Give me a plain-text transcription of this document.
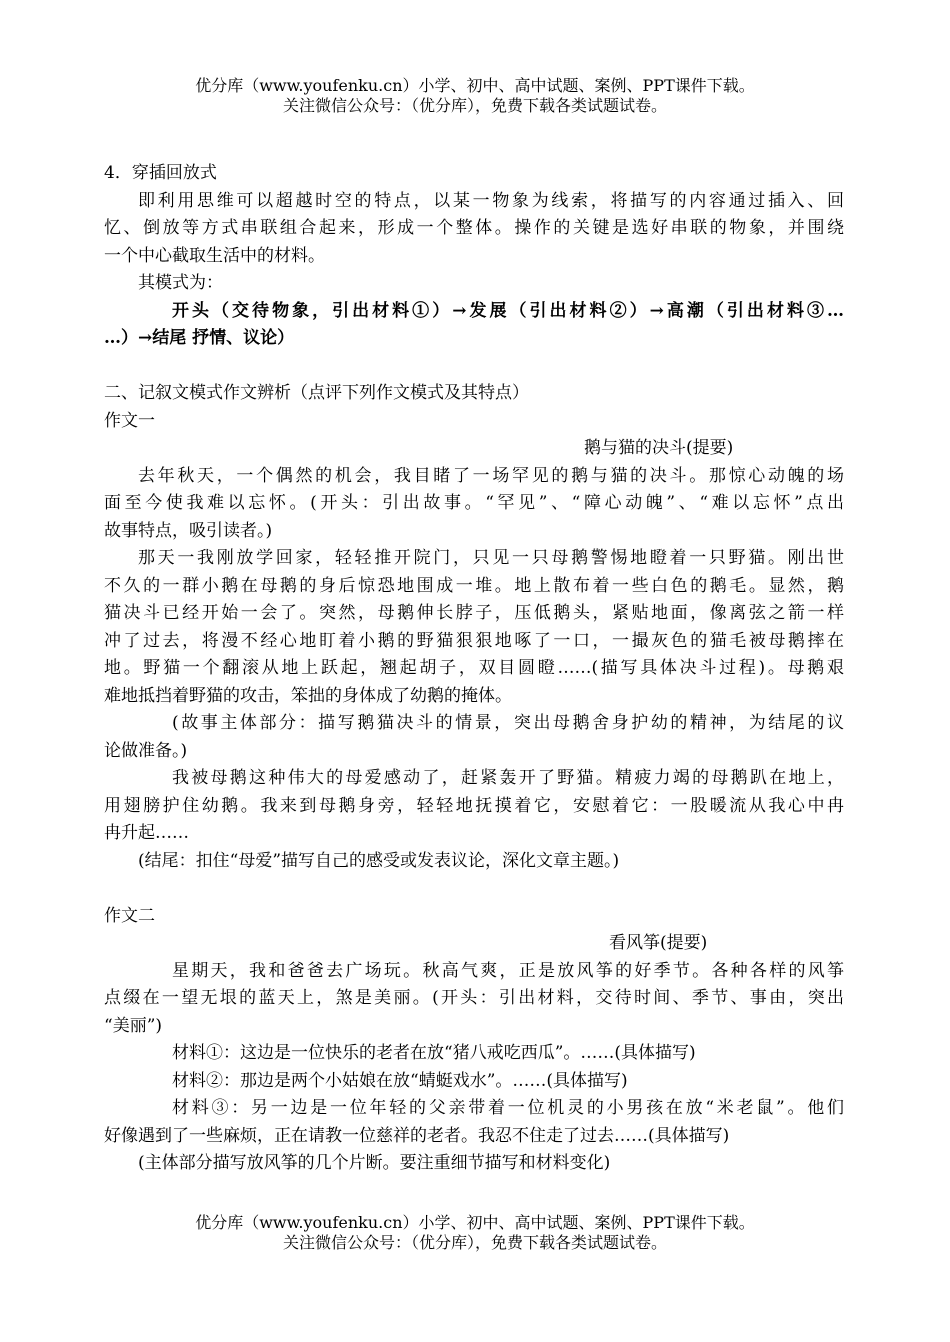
优分库（www.youfenku.cn）小学、初中、高中试题、案例、PPT课件下载。
关注微信公众号：（优分库），免费下载各类试题试卷。
4．穿插回放式
即利用思维可以超越时空的特点，以某一物象为线索，将描写的内容通过插入、回
忆、倒放等方式串联组合起来，形成一个整体。操作的关键是选好串联的物象，并围绕
一个中心截取生活中的材料。
其模式为：
开头（交待物象，引出材料①）→发展（引出材料②）→高潮（引出材料③…
…）→结尾 抒情、议论）
二、记叙文模式作文辨析（点评下列作文模式及其特点）
作文一
鹅与猫的决斗(提要)
去年秋天，一个偶然的机会，我目睹了一场罕见的鹅与猫的决斗。那惊心动魄的场
面至今使我难以忘怀。(开头：引出故事。“罕见”、“障心动魄”、“难以忘怀”点出
故事特点，吸引读者。)
那天一我刚放学回家，轻轻推开院门，只见一只母鹅警惕地瞪着一只野猫。刚出世
不久的一群小鹅在母鹅的身后惊恐地围成一堆。地上散布着一些白色的鹅毛。显然，鹅
猫决斗已经开始一会了。突然，母鹅伸长脖子，压低鹅头，紧贴地面，像离弦之箭一样
冲了过去，将漫不经心地盯着小鹅的野猫狠狠地啄了一口，一撮灰色的猫毛被母鹅摔在
地。野猫一个翻滚从地上跃起，翘起胡子，双目圆瞪……(描写具体决斗过程)。母鹅艰
难地抵挡着野猫的攻击，笨拙的身体成了幼鹅的掩体。
(故事主体部分：描写鹅猫决斗的情景，突出母鹅舍身护幼的精神，为结尾的议
论做准备。)
我被母鹅这种伟大的母爱感动了，赶紧轰开了野猫。精疲力竭的母鹅趴在地上，
用翅膀护住幼鹅。我来到母鹅身旁，轻轻地抚摸着它，安慰着它：一股暖流从我心中冉
冉升起……
(结尾：扣住“母爱”描写自己的感受或发表议论，深化文章主题。)
作文二
看风筝(提要)
星期天，我和爸爸去广场玩。秋高气爽，正是放风筝的好季节。各种各样的风筝
点缀在一望无垠的蓝天上，煞是美丽。(开头：引出材料，交待时间、季节、事由，突出
“美丽”)
材料①：这边是一位快乐的老者在放“猪八戒吃西瓜”。……(具体描写)
材料②：那边是两个小姑娘在放“蜻蜓戏水”。……(具体描写)
材料③：另一边是一位年轻的父亲带着一位机灵的小男孩在放“米老鼠”。他们
好像遇到了一些麻烦，正在请教一位慈祥的老者。我忍不住走了过去……(具体描写)
(主体部分描写放风筝的几个片断。要注重细节描写和材料变化)
优分库（www.youfenku.cn）小学、初中、高中试题、案例、PPT课件下载。
关注微信公众号：（优分库），免费下载各类试题试卷。
